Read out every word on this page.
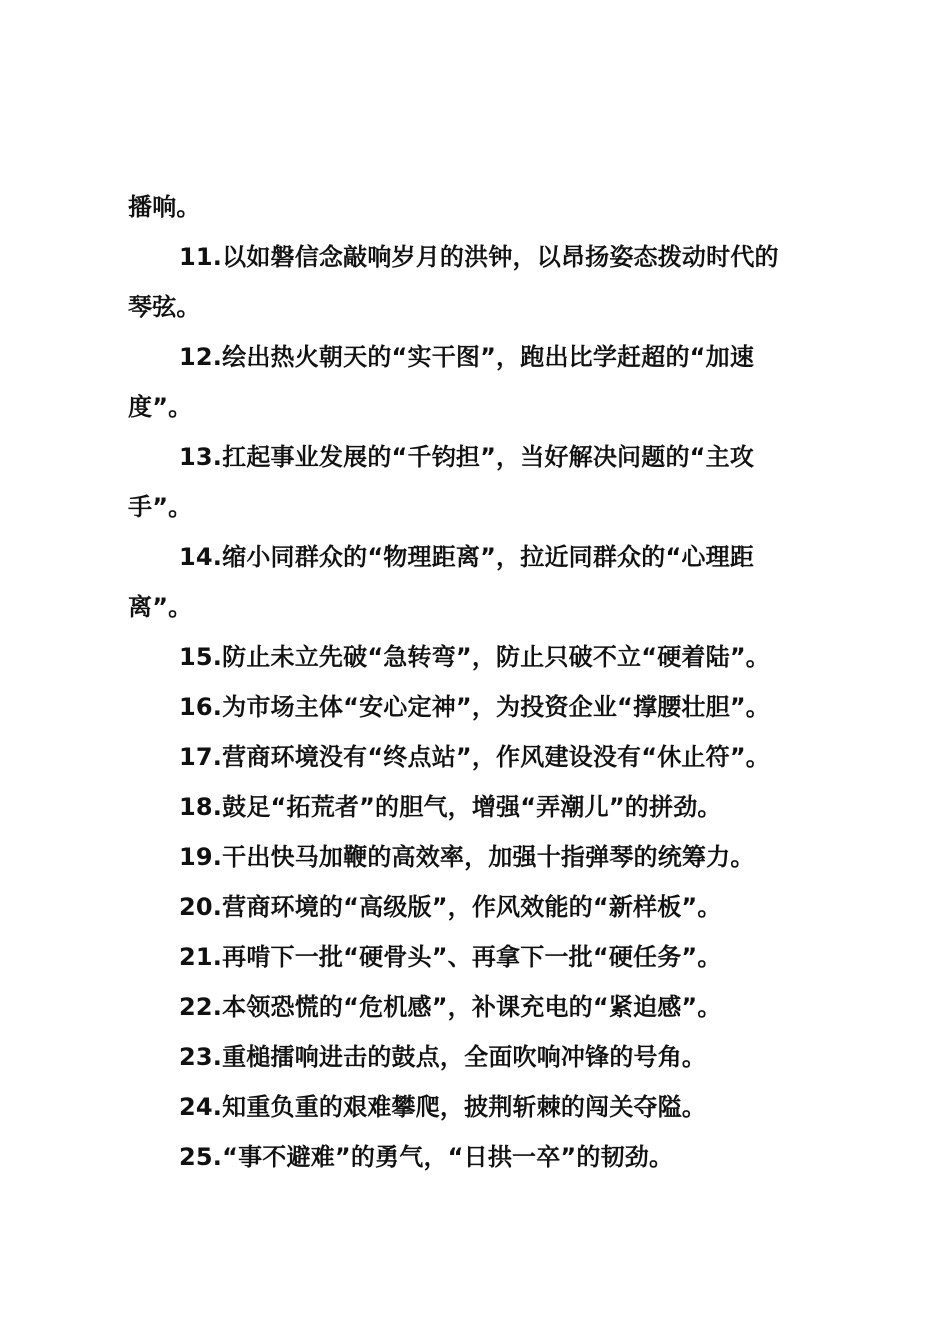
播响。
11.以如磐信念敲响岁月的洪钟，以昂扬姿态拨动时代的
琴弦。
12.绘出热火朝天的“实干图”，跑出比学赶超的“加速
度”。
13.扛起事业发展的“千钧担”，当好解决问题的“主攻
手”。
14.缩小同群众的“物理距离”，拉近同群众的“心理距
离”。
15.防止未立先破“急转弯”，防止只破不立“硬着陆”。
16.为市场主体“安心定神”，为投资企业“撑腰壮胆”。
17.营商环境没有“终点站”，作风建设没有“休止符”。
18.鼓足“拓荒者”的胆气，增强“弄潮儿”的拼劲。
19.干出快马加鞭的高效率，加强十指弹琴的统筹力。
20.营商环境的“高级版”，作风效能的“新样板”。
21.再啃下一批“硬骨头”、再拿下一批“硬任务”。
22.本领恐慌的“危机感”，补课充电的“紧迫感”。
23.重槌擂响进击的鼓点，全面吹响冲锋的号角。
24.知重负重的艰难攀爬，披荆斩棘的闯关夺隘。
25.“事不避难”的勇气，“日拱一卒”的韧劲。
